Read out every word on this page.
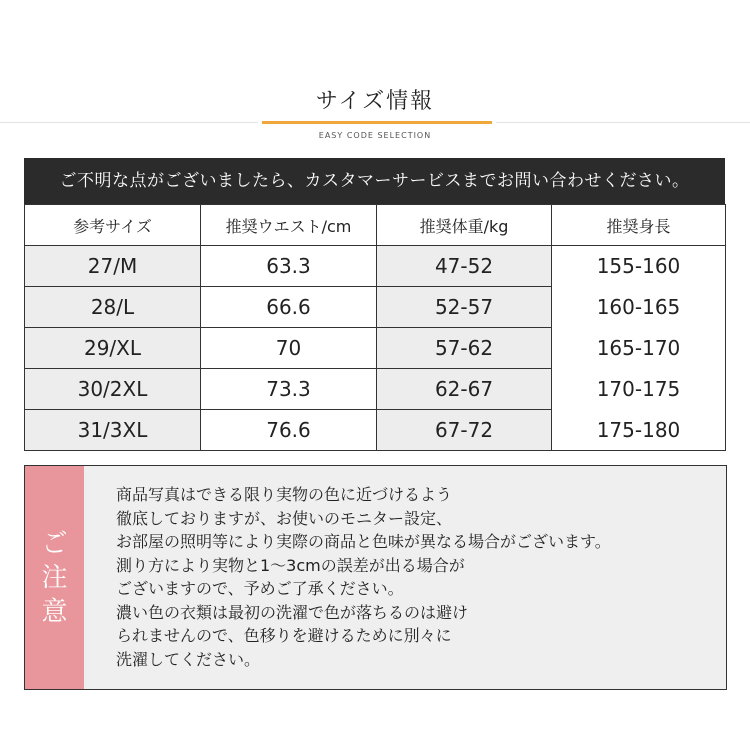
サイズ情報
EASY CODE SELECTION
ご不明な点がございましたら、カスタマーサービスまでお問い合わせください。
参考サイズ	推奨ウエスト/cm	推奨体重/kg	推奨身長
27/M	63.3	47-52	155-160
28/L	66.6	52-57	160-165
29/XL	70	57-62	165-170
30/2XL	73.3	62-67	170-175
31/3XL	76.6	67-72	175-180
ご
注
意
商品写真はできる限り実物の色に近づけるよう
徹底しておりますが、お使いのモニター設定、
お部屋の照明等により実際の商品と色味が異なる場合がございます。
測り方により実物と1～3cmの誤差が出る場合が
ございますので、予めご了承ください。
濃い色の衣類は最初の洗濯で色が落ちるのは避け
られませんので、色移りを避けるために別々に
洗濯してください。
